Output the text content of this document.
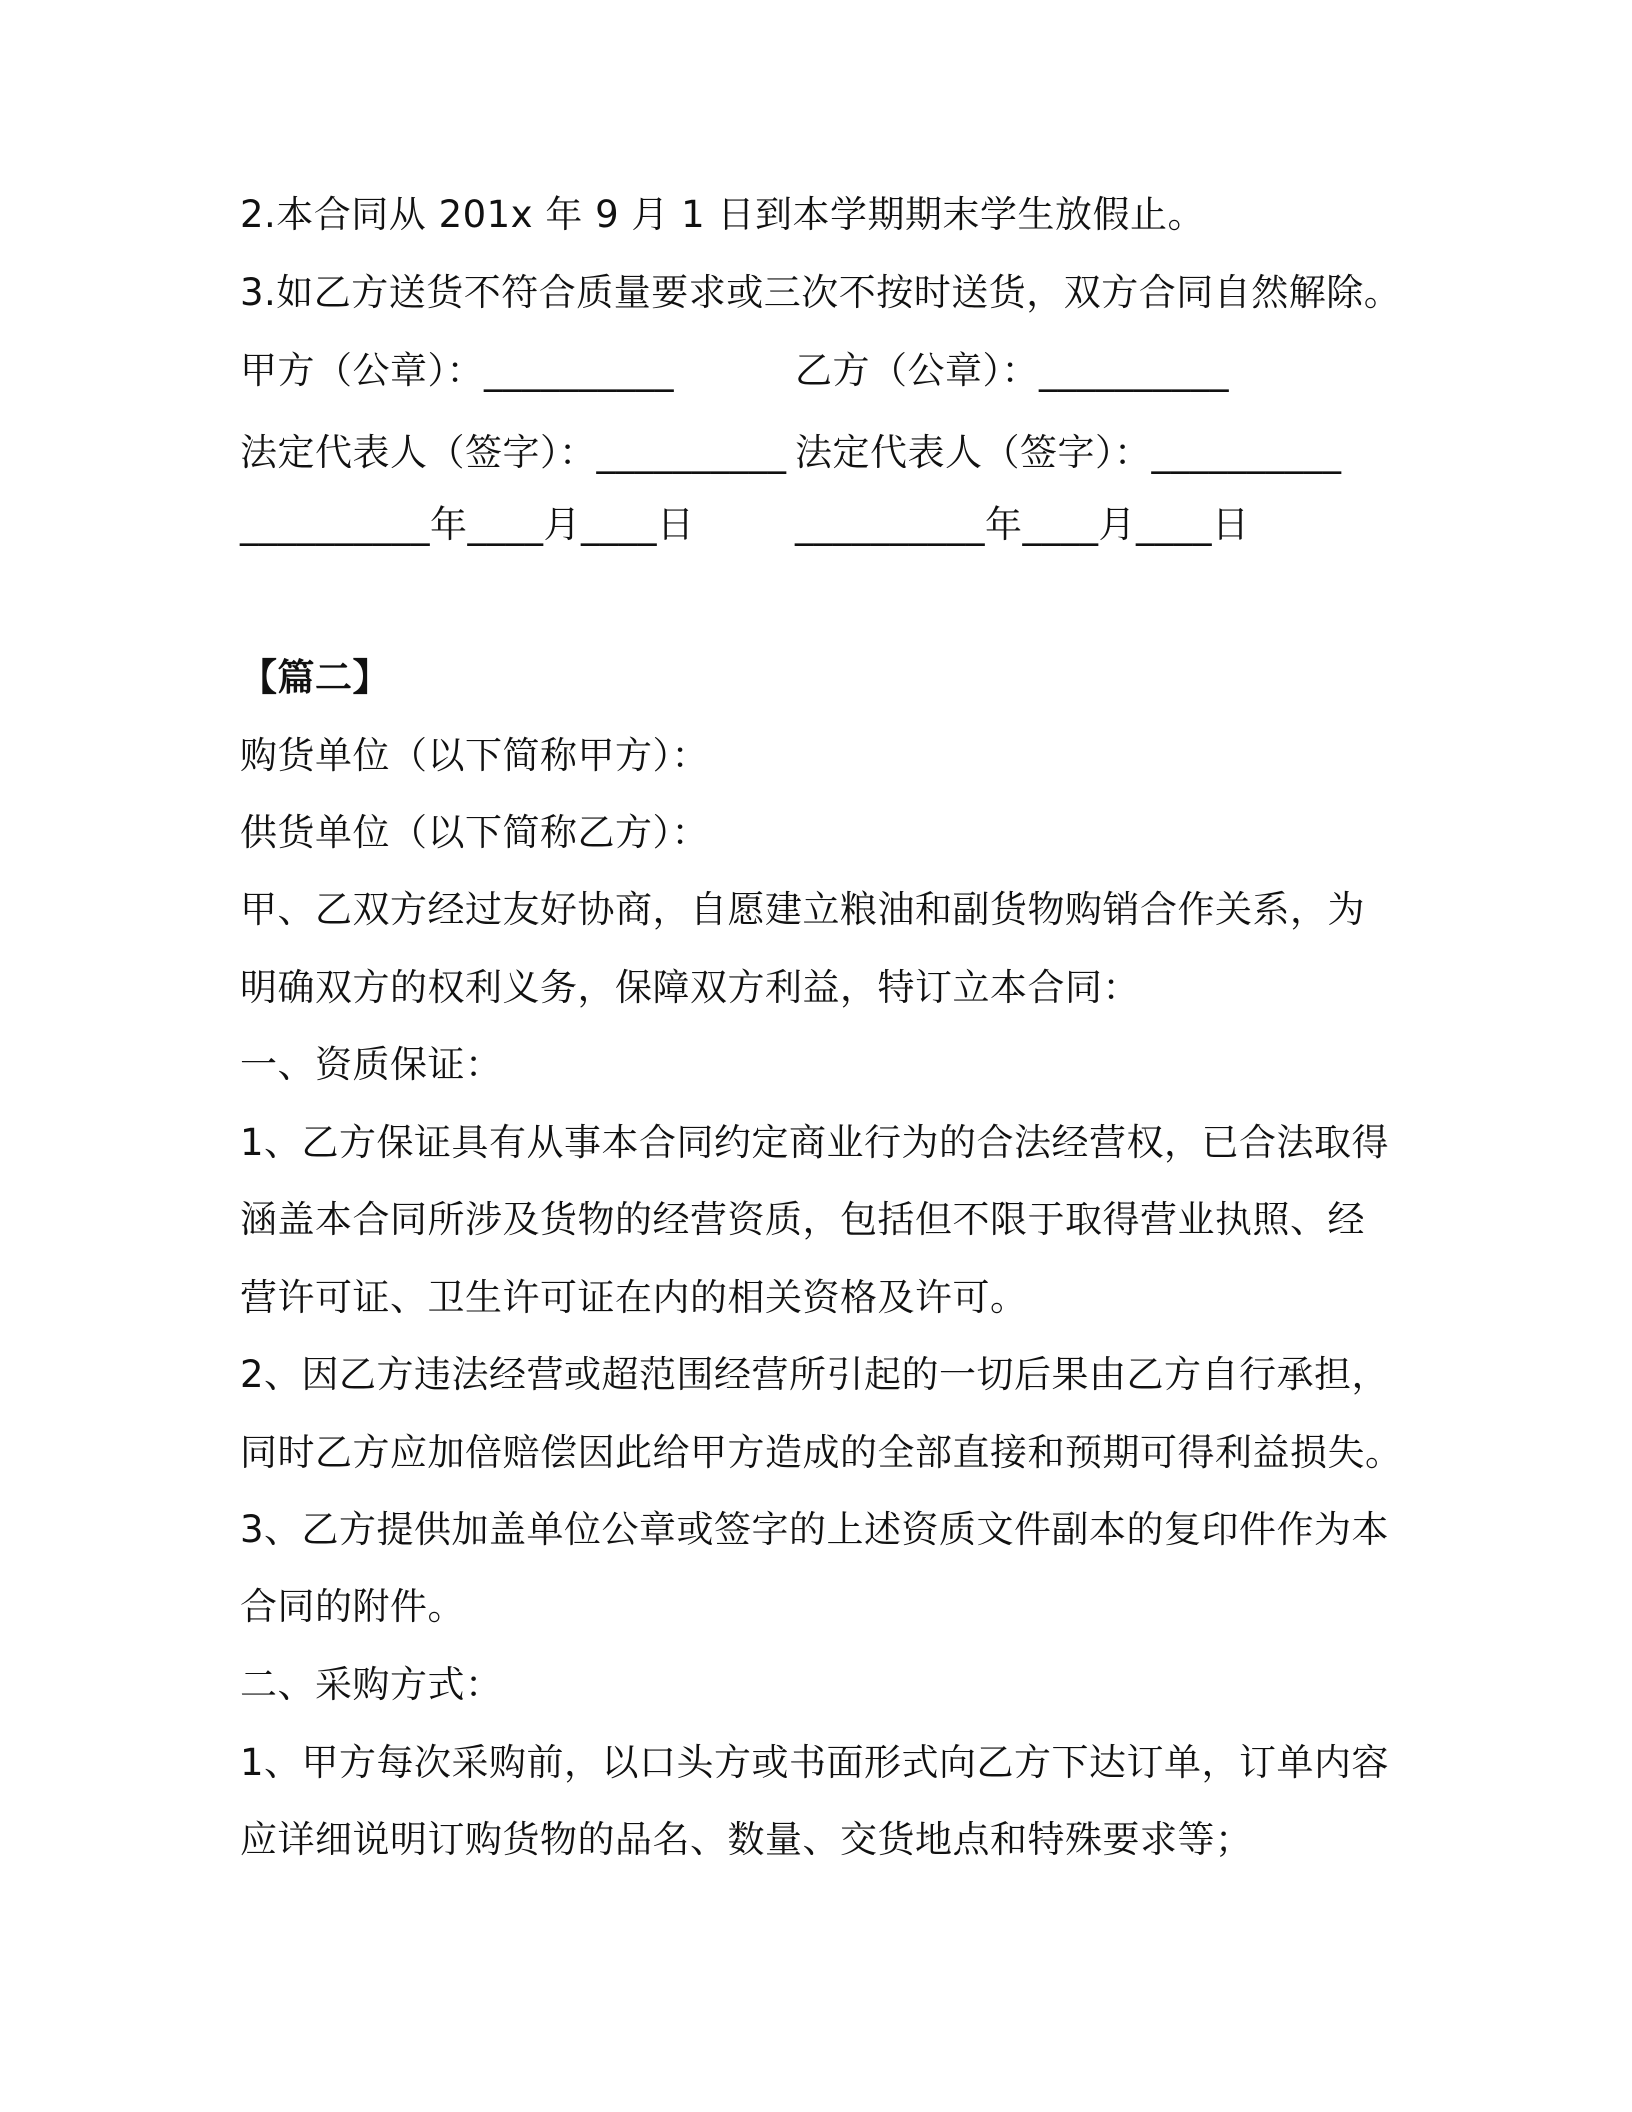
2.本合同从 201x 年 9 月 1 日到本学期期末学生放假止。
3.如乙方送货不符合质量要求或三次不按时送货，双方合同自然解除。
甲方（公章）：__________	乙方（公章）：__________
法定代表人（签字）：__________ 法定代表人（签字）：__________
__________年____月____日	__________年____月____日
【篇二】
购货单位（以下简称甲方）：
供货单位（以下简称乙方）：
甲、乙双方经过友好协商，自愿建立粮油和副货物购销合作关系，为
明确双方的权利义务，保障双方利益，特订立本合同：
一、资质保证：
1、乙方保证具有从事本合同约定商业行为的合法经营权，已合法取得
涵盖本合同所涉及货物的经营资质，包括但不限于取得营业执照、经
营许可证、卫生许可证在内的相关资格及许可。
2、因乙方违法经营或超范围经营所引起的一切后果由乙方自行承担，
同时乙方应加倍赔偿因此给甲方造成的全部直接和预期可得利益损失。
3、乙方提供加盖单位公章或签字的上述资质文件副本的复印件作为本
合同的附件。
二、采购方式：
1、甲方每次采购前，以口头方或书面形式向乙方下达订单，订单内容
应详细说明订购货物的品名、数量、交货地点和特殊要求等；
